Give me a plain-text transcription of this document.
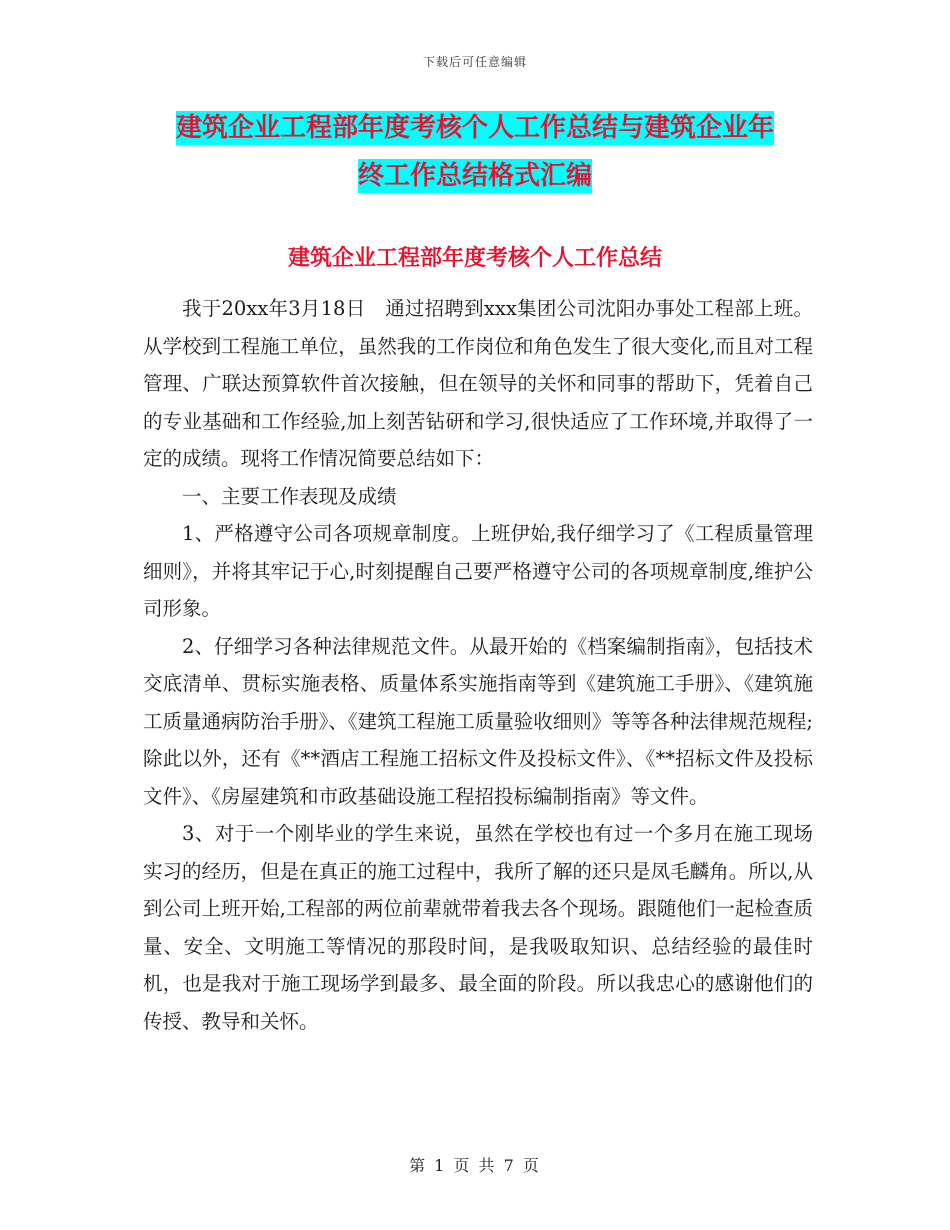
下载后可任意编辑
建筑企业工程部年度考核个人工作总结与建筑企业年
终工作总结格式汇编
建筑企业工程部年度考核个人工作总结

我于20xx年3月18日　通过招聘到xxx集团公司沈阳办事处工程部上班。从学校到工程施工单位，虽然我的工作岗位和角色发生了很大变化,而且对工程管理、广联达预算软件首次接触，但在领导的关怀和同事的帮助下，凭着自己的专业基础和工作经验,加上刻苦钻研和学习,很快适应了工作环境,并取得了一定的成绩。现将工作情况简要总结如下：

一、主要工作表现及成绩

1、严格遵守公司各项规章制度。上班伊始,我仔细学习了《工程质量管理细则》，并将其牢记于心,时刻提醒自己要严格遵守公司的各项规章制度,维护公司形象。

2、仔细学习各种法律规范文件。从最开始的《档案编制指南》，包括技术交底清单、贯标实施表格、质量体系实施指南等到《建筑施工手册》、《建筑施工质量通病防治手册》、《建筑工程施工质量验收细则》等等各种法律规范规程;除此以外，还有《**酒店工程施工招标文件及投标文件》、《**招标文件及投标文件》、《房屋建筑和市政基础设施工程招投标编制指南》等文件。

3、对于一个刚毕业的学生来说，虽然在学校也有过一个多月在施工现场实习的经历，但是在真正的施工过程中，我所了解的还只是凤毛麟角。所以,从到公司上班开始,工程部的两位前辈就带着我去各个现场。跟随他们一起检查质量、安全、文明施工等情况的那段时间，是我吸取知识、总结经验的最佳时机，也是我对于施工现场学到最多、最全面的阶段。所以我忠心的感谢他们的传授、教导和关怀。

第 1 页 共 7 页
